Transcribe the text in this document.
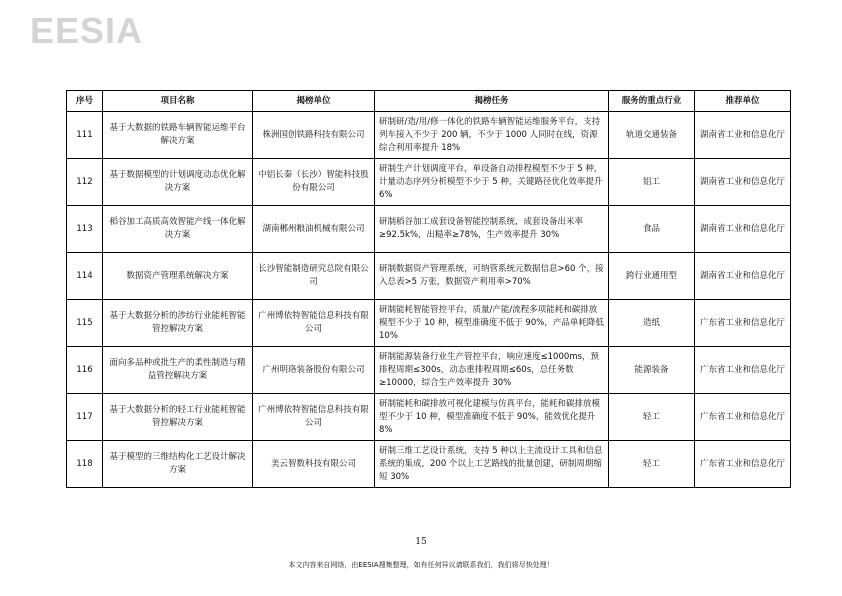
EESIA
序号	项目名称	揭榜单位	揭榜任务	服务的重点行业	推荐单位
111	基于大数据的铁路车辆智能运维平台解决方案	株洲国创铁路科技有限公司	研制研/造/用/修一体化的铁路车辆智能运维服务平台，支持列车接入不少于 200 辆，不少于 1000 人同时在线，资源综合利用率提升 18%	轨道交通装备	湖南省工业和信息化厅
112	基于数据模型的计划调度动态优化解决方案	中铝长秦（长沙）智能科技股份有限公司	研制生产计划调度平台，单设备自动排程模型不少于 5 种，计量动态序列分析模型不少于 5 种，关键路径优化效率提升 6%	铝工	湖南省工业和信息化厅
113	稻谷加工高质高效智能产线一体化解决方案	湖南郴州粮油机械有限公司	研制稻谷加工成套设备智能控制系统，成套设备出米率≥92.5k%，出糙率≥78%，生产效率提升 30%	食品	湖南省工业和信息化厅
114	数据资产管理系统解决方案	长沙智能制造研究总院有限公司	研制数据资产管理系统，可纳管系统元数据信息>60 个，接入总表>5 万张，数据资产利用率>70%	跨行业通用型	湖南省工业和信息化厅
115	基于大数据分析的涉纺行业能耗智能管控解决方案	广州博依特智能信息科技有限公司	研制能耗智能管控平台，质量/产能/流程多项能耗和碳排放模型不少于 10 种，模型准确度不低于 90%，产品单耗降低 10%	造纸	广东省工业和信息化厅
116	面向多品种或批生产的柔性制造与精益管控解决方案	广州明珞装备股份有限公司	研制能源装备行业生产管控平台，响应速度≤1000ms，预排程周期≤300s，动态重排程周期≤60s，总任务数≥10000，综合生产效率提升 30%	能源装备	广东省工业和信息化厅
117	基于大数据分析的轻工行业能耗智能管控解决方案	广州博依特智能信息科技有限公司	研制能耗和碳排放可视化建模与仿真平台，能耗和碳排放模型不少于 10 种，模型准确度不低于 90%，能效优化提升 8%	轻工	广东省工业和信息化厅
118	基于模型的三维结构化工艺设计解决方案	美云智数科技有限公司	研制三维工艺设计系统，支持 5 种以上主流设计工具和信息系统的集成，200 个以上工艺路线的批量创建，研制周期缩短 30%	轻工	广东省工业和信息化厅
15
本文内容来自网络，由EESIA搜集整理，如有任何异议请联系我们，我们将尽快处理！
